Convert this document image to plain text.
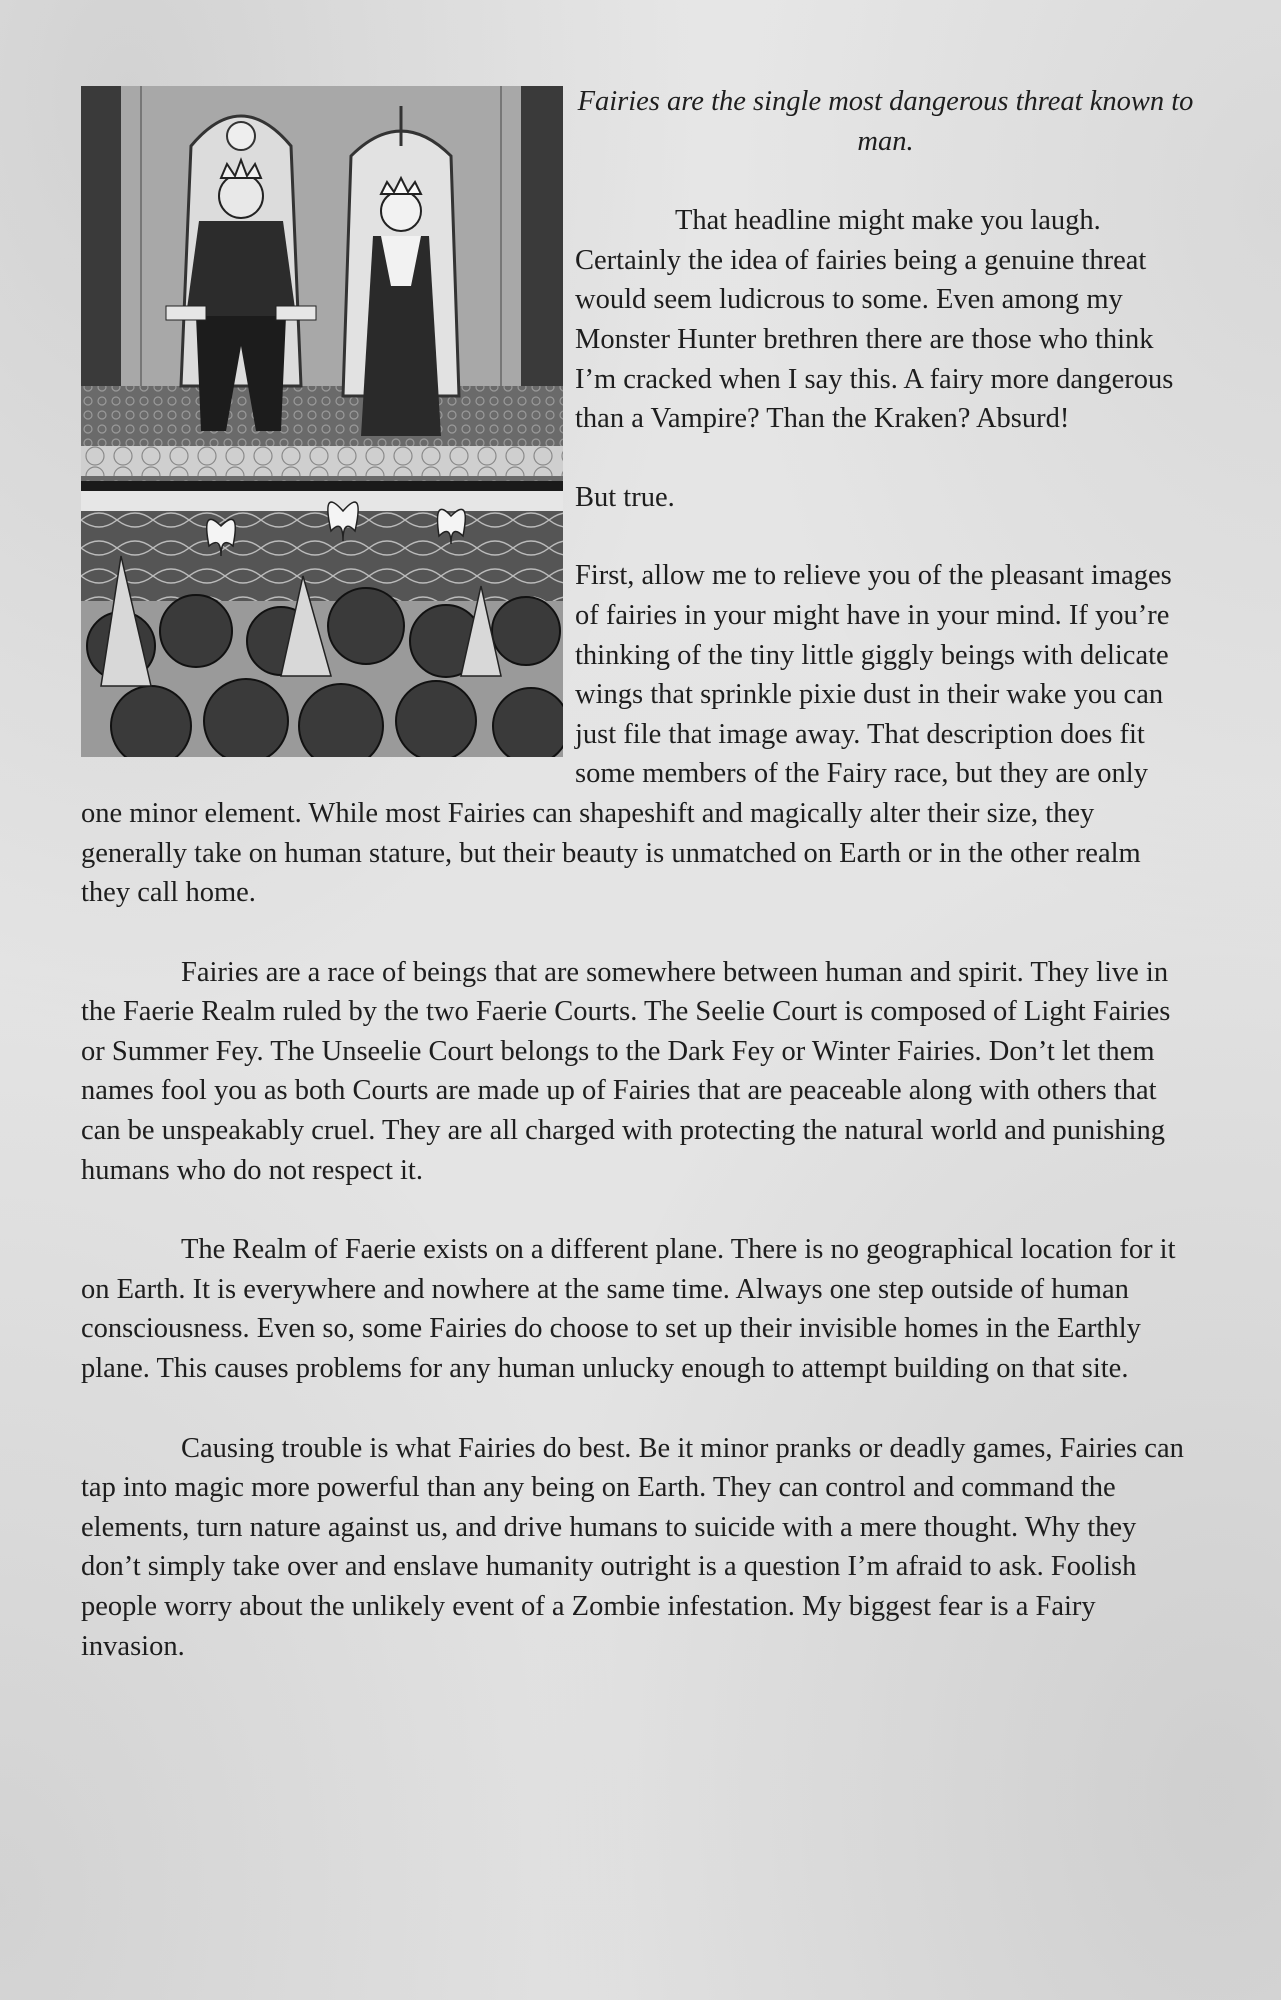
Fairies are the single most dangerous threat known to man.

That headline might make you laugh. Certainly the idea of fairies being a genuine threat would seem ludicrous to some. Even among my Monster Hunter brethren there are those who think I’m cracked when I say this. A fairy more dangerous than a Vampire? Than the Kraken? Absurd!

But true.

First, allow me to relieve you of the pleasant images of fairies in your might have in your mind. If you’re thinking of the tiny little giggly beings with delicate wings that sprinkle pixie dust in their wake you can just file that image away. That description does fit some members of the Fairy race, but they are only one minor element. While most Fairies can shapeshift and magically alter their size, they generally take on human stature, but their beauty is unmatched on Earth or in the other realm they call home.

Fairies are a race of beings that are somewhere between human and spirit. They live in the Faerie Realm ruled by the two Faerie Courts. The Seelie Court is composed of Light Fairies or Summer Fey. The Unseelie Court belongs to the Dark Fey or Winter Fairies. Don’t let them names fool you as both Courts are made up of Fairies that are peaceable along with others that can be unspeakably cruel. They are all charged with protecting the natural world and punishing humans who do not respect it.

The Realm of Faerie exists on a different plane. There is no geographical location for it on Earth. It is everywhere and nowhere at the same time. Always one step outside of human consciousness. Even so, some Fairies do choose to set up their invisible homes in the Earthly plane. This causes problems for any human unlucky enough to attempt building on that site.

Causing trouble is what Fairies do best. Be it minor pranks or deadly games, Fairies can tap into magic more powerful than any being on Earth. They can control and command the elements, turn nature against us, and drive humans to suicide with a mere thought. Why they don’t simply take over and enslave humanity outright is a question I’m afraid to ask. Foolish people worry about the unlikely event of a Zombie infestation. My biggest fear is a Fairy invasion.
